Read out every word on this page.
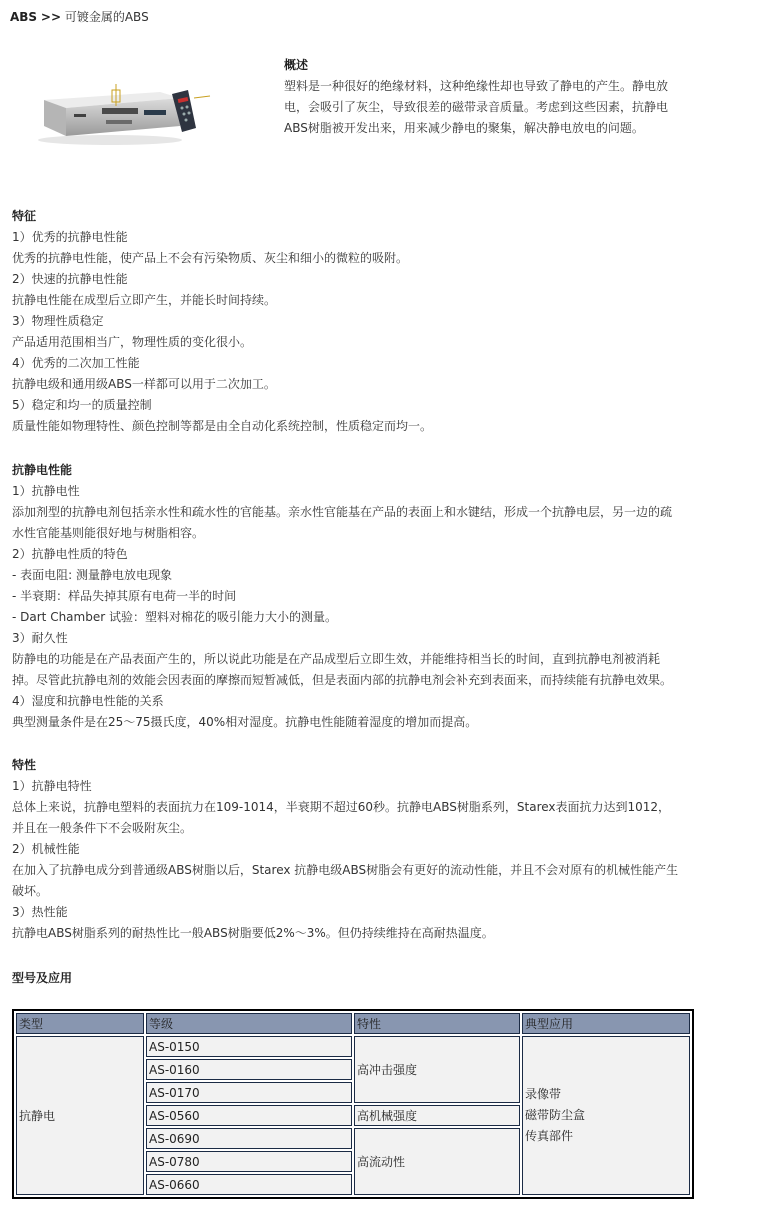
ABS >> 可镀金属的ABS
概述
塑料是一种很好的绝缘材料，这种绝缘性却也导致了静电的产生。静电放电，会吸引了灰尘，导致很差的磁带录音质量。考虑到这些因素，抗静电ABS树脂被开发出来，用来减少静电的聚集，解决静电放电的问题。
特征
1）优秀的抗静电性能
优秀的抗静电性能，使产品上不会有污染物质、灰尘和细小的微粒的吸附。
2）快速的抗静电性能
抗静电性能在成型后立即产生，并能长时间持续。
3）物理性质稳定
产品适用范围相当广，物理性质的变化很小。
4）优秀的二次加工性能
抗静电级和通用级ABS一样都可以用于二次加工。
5）稳定和均一的质量控制
质量性能如物理特性、颜色控制等都是由全自动化系统控制，性质稳定而均一。
抗静电性能
1）抗静电性
添加剂型的抗静电剂包括亲水性和疏水性的官能基。亲水性官能基在产品的表面上和水键结，形成一个抗静电层，另一边的疏水性官能基则能很好地与树脂相容。
2）抗静电性质的特色
- 表面电阻: 测量静电放电现象
- 半衰期：样品失掉其原有电荷一半的时间
- Dart Chamber 试验：塑料对棉花的吸引能力大小的测量。
3）耐久性
防静电的功能是在产品表面产生的，所以说此功能是在产品成型后立即生效，并能维持相当长的时间，直到抗静电剂被消耗掉。尽管此抗静电剂的效能会因表面的摩擦而短暂减低，但是表面内部的抗静电剂会补充到表面来，而持续能有抗静电效果。
4）湿度和抗静电性能的关系
典型测量条件是在25～75摄氏度，40%相对湿度。抗静电性能随着湿度的增加而提高。
特性
1）抗静电特性
总体上来说，抗静电塑料的表面抗力在109-1014，半衰期不超过60秒。抗静电ABS树脂系列，Starex表面抗力达到1012，并且在一般条件下不会吸附灰尘。
2）机械性能
在加入了抗静电成分到普通级ABS树脂以后，Starex 抗静电级ABS树脂会有更好的流动性能，并且不会对原有的机械性能产生破坏。
3）热性能
抗静电ABS树脂系列的耐热性比一般ABS树脂要低2%～3%。但仍持续维持在高耐热温度。
型号及应用
类型	等级	特性	典型应用
抗静电	AS-0150	高冲击强度	录像带
磁带防尘盒
传真部件

	AS-0160		
	AS-0170		
	AS-0560	高机械强度	
	AS-0690	高流动性	
	AS-0780		
	AS-0660		
